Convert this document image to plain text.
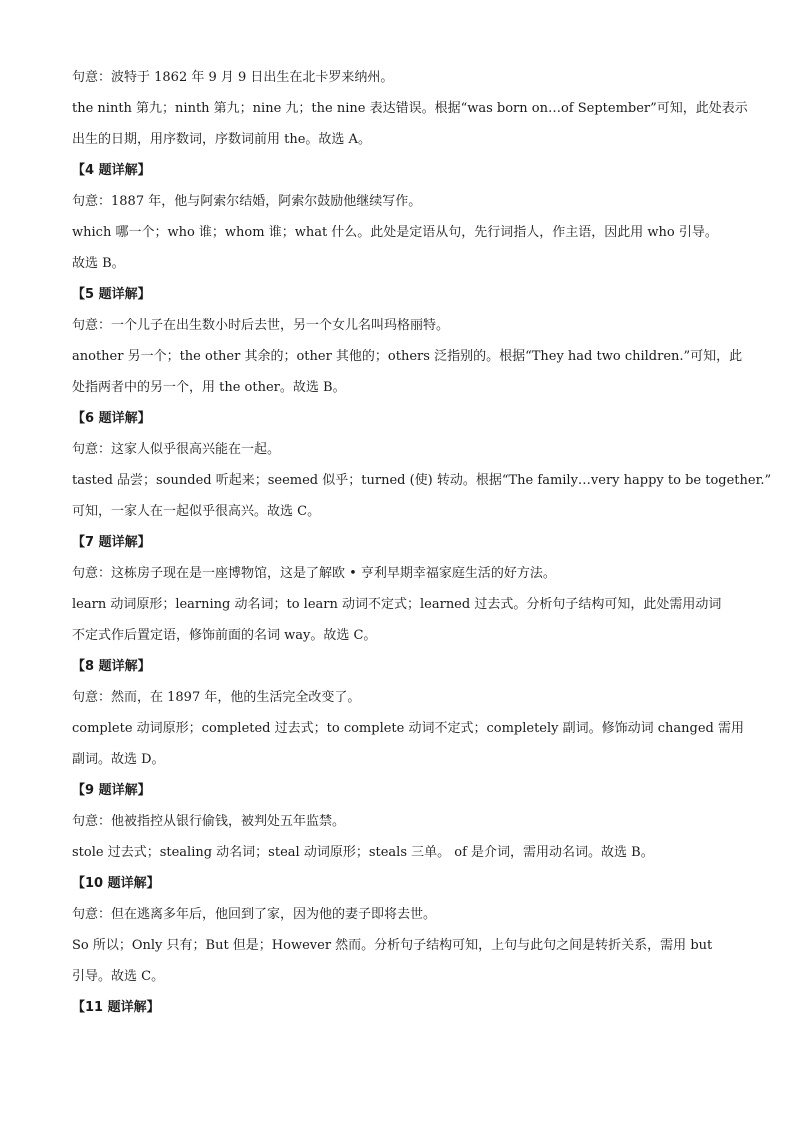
句意：波特于 1862 年 9 月 9 日出生在北卡罗来纳州。
the ninth 第九；ninth 第九；nine 九；the nine 表达错误。根据“was born on…of September”可知，此处表示
出生的日期，用序数词，序数词前用 the。故选 A。
【4 题详解】
句意：1887 年，他与阿索尔结婚，阿索尔鼓励他继续写作。
which 哪一个；who 谁；whom 谁；what 什么。此处是定语从句，先行词指人，作主语，因此用 who 引导。
故选 B。
【5 题详解】
句意：一个儿子在出生数小时后去世，另一个女儿名叫玛格丽特。
another 另一个；the other 其余的；other 其他的；others 泛指别的。根据“They had two children.”可知，此
处指两者中的另一个，用 the other。故选 B。
【6 题详解】
句意：这家人似乎很高兴能在一起。
tasted 品尝；sounded 听起来；seemed 似乎；turned (使) 转动。根据“The family…very happy to be together.”
可知，一家人在一起似乎很高兴。故选 C。
【7 题详解】
句意：这栋房子现在是一座博物馆，这是了解欧 • 亨利早期幸福家庭生活的好方法。
learn 动词原形；learning 动名词；to learn 动词不定式；learned 过去式。分析句子结构可知，此处需用动词
不定式作后置定语，修饰前面的名词 way。故选 C。
【8 题详解】
句意：然而，在 1897 年，他的生活完全改变了。
complete 动词原形；completed 过去式；to complete 动词不定式；completely 副词。修饰动词 changed 需用
副词。故选 D。
【9 题详解】
句意：他被指控从银行偷钱，被判处五年监禁。
stole 过去式；stealing 动名词；steal 动词原形；steals 三单。 of 是介词，需用动名词。故选 B。
【10 题详解】
句意：但在逃离多年后，他回到了家，因为他的妻子即将去世。
So 所以；Only 只有；But 但是；However 然而。分析句子结构可知，上句与此句之间是转折关系，需用 but
引导。故选 C。
【11 题详解】
